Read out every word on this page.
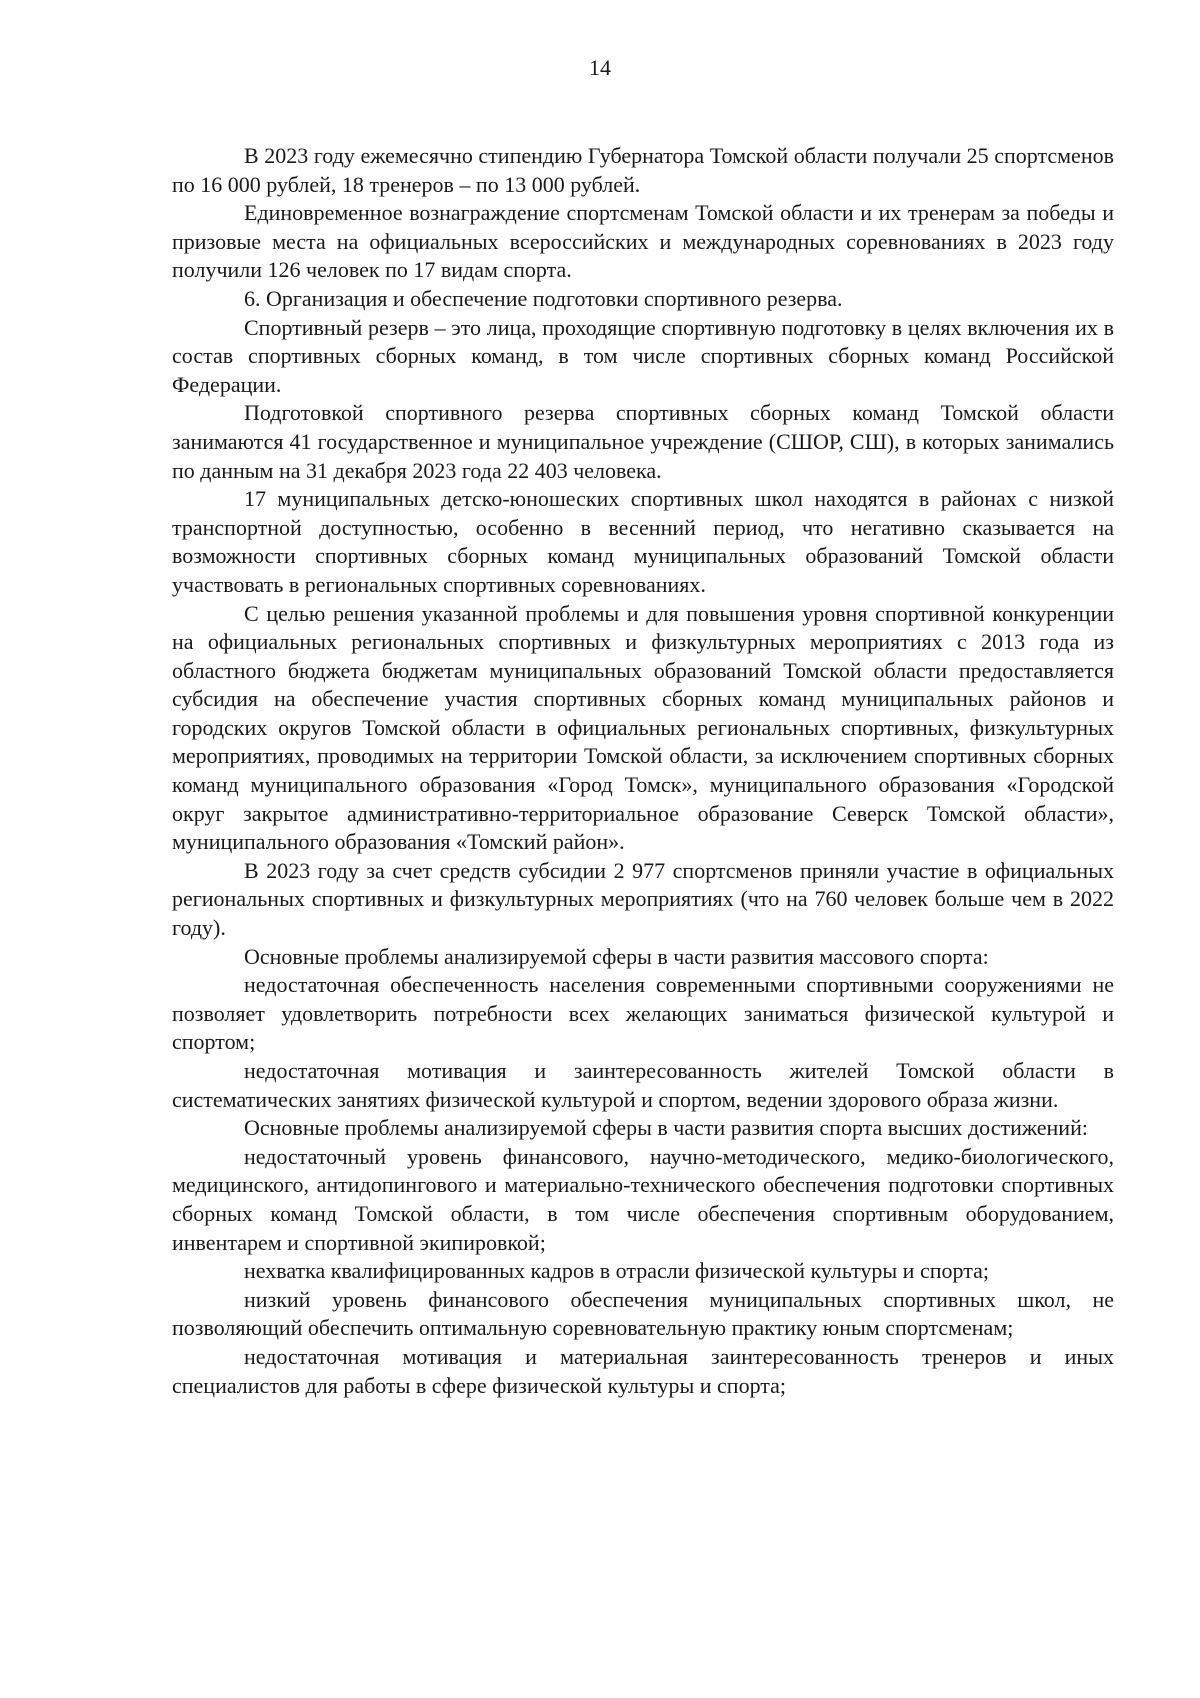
14

В 2023 году ежемесячно стипендию Губернатора Томской области получали 25 спортсменов по 16 000 рублей, 18 тренеров – по 13 000 рублей.

Единовременное вознаграждение спортсменам Томской области и их тренерам за победы и призовые места на официальных всероссийских и международных соревнованиях в 2023 году получили 126 человек по 17 видам спорта.

6. Организация и обеспечение подготовки спортивного резерва.

Спортивный резерв – это лица, проходящие спортивную подготовку в целях включения их в состав спортивных сборных команд, в том числе спортивных сборных команд Российской Федерации.

Подготовкой спортивного резерва спортивных сборных команд Томской области занимаются 41 государственное и муниципальное учреждение (СШОР, СШ), в которых занимались по данным на 31 декабря 2023 года 22 403 человека.

17 муниципальных детско-юношеских спортивных школ находятся в районах с низкой транспортной доступностью, особенно в весенний период, что негативно сказывается на возможности спортивных сборных команд муниципальных образований Томской области участвовать в региональных спортивных соревнованиях.

С целью решения указанной проблемы и для повышения уровня спортивной конкуренции на официальных региональных спортивных и физкультурных мероприятиях с 2013 года из областного бюджета бюджетам муниципальных образований Томской области предоставляется субсидия на обеспечение участия спортивных сборных команд муниципальных районов и городских округов Томской области в официальных региональных спортивных, физкультурных мероприятиях, проводимых на территории Томской области, за исключением спортивных сборных команд муниципального образования «Город Томск», муниципального образования «Городской округ закрытое административно-территориальное образование Северск Томской области», муниципального образования «Томский район».

В 2023 году за счет средств субсидии 2 977 спортсменов приняли участие в официальных региональных спортивных и физкультурных мероприятиях (что на 760 человек больше чем в 2022 году).

Основные проблемы анализируемой сферы в части развития массового спорта:

недостаточная обеспеченность населения современными спортивными сооружениями не позволяет удовлетворить потребности всех желающих заниматься физической культурой и спортом;

недостаточная мотивация и заинтересованность жителей Томской области в систематических занятиях физической культурой и спортом, ведении здорового образа жизни.

Основные проблемы анализируемой сферы в части развития спорта высших достижений:

недостаточный уровень финансового, научно-методического, медико-биологического, медицинского, антидопингового и материально-технического обеспечения подготовки спортивных сборных команд Томской области, в том числе обеспечения спортивным оборудованием, инвентарем и спортивной экипировкой;

нехватка квалифицированных кадров в отрасли физической культуры и спорта;

низкий уровень финансового обеспечения муниципальных спортивных школ, не позволяющий обеспечить оптимальную соревновательную практику юным спортсменам;

недостаточная мотивация и материальная заинтересованность тренеров и иных специалистов для работы в сфере физической культуры и спорта;
